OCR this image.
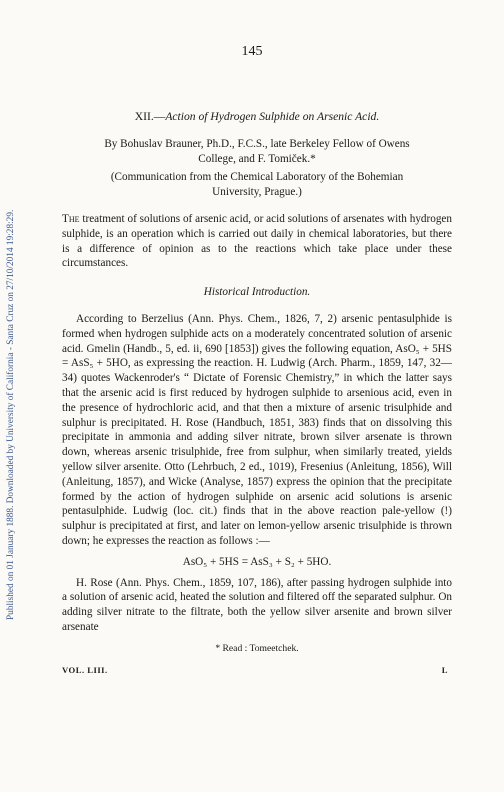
Published on 01 January 1888. Downloaded by University of California - Santa Cruz on 27/10/2014 19:28:29.
145
XII.—Action of Hydrogen Sulphide on Arsenic Acid.
By Bohuslav Brauner, Ph.D., F.C.S., late Berkeley Fellow of Owens
College, and F. Tomiček.*
(Communication from the Chemical Laboratory of the Bohemian
University, Prague.)

The treatment of solutions of arsenic acid, or acid solutions of arsenates with hydrogen sulphide, is an operation which is carried out daily in chemical laboratories, but there is a difference of opinion as to the reactions which take place under these circumstances.

Historical Introduction.

According to Berzelius (Ann. Phys. Chem., 1826, 7, 2) arsenic pentasulphide is formed when hydrogen sulphide acts on a moderately concentrated solution of arsenic acid. Gmelin (Handb., 5, ed. ii, 690 [1853]) gives the following equation, AsO₅ + 5HS = AsS₅ + 5HO, as expressing the reaction. H. Ludwig (Arch. Pharm., 1859, 147, 32—34) quotes Wackenroder's “ Dictate of Forensic Chemistry,” in which the latter says that the arsenic acid is first reduced by hydrogen sulphide to arsenious acid, even in the presence of hydrochloric acid, and that then a mixture of arsenic trisulphide and sulphur is precipitated. H. Rose (Handbuch, 1851, 383) finds that on dissolving this precipitate in ammonia and adding silver nitrate, brown silver arsenate is thrown down, whereas arsenic trisulphide, free from sulphur, when similarly treated, yields yellow silver arsenite. Otto (Lehrbuch, 2 ed., 1019), Fresenius (Anleitung, 1856), Will (Anleitung, 1857), and Wicke (Analyse, 1857) express the opinion that the precipitate formed by the action of hydrogen sulphide on arsenic acid solutions is arsenic pentasulphide. Ludwig (loc. cit.) finds that in the above reaction pale-yellow (!) sulphur is precipitated at first, and later on lemon-yellow arsenic trisulphide is thrown down; he expresses the reaction as follows :—

AsO₅ + 5HS = AsS₃ + S₂ + 5HO.

H. Rose (Ann. Phys. Chem., 1859, 107, 186), after passing hydrogen sulphide into a solution of arsenic acid, heated the solution and filtered off the separated sulphur. On adding silver nitrate to the filtrate, both the yellow silver arsenite and brown silver arsenate

* Read : Tomeetchek.
VOL. LIII.	L
